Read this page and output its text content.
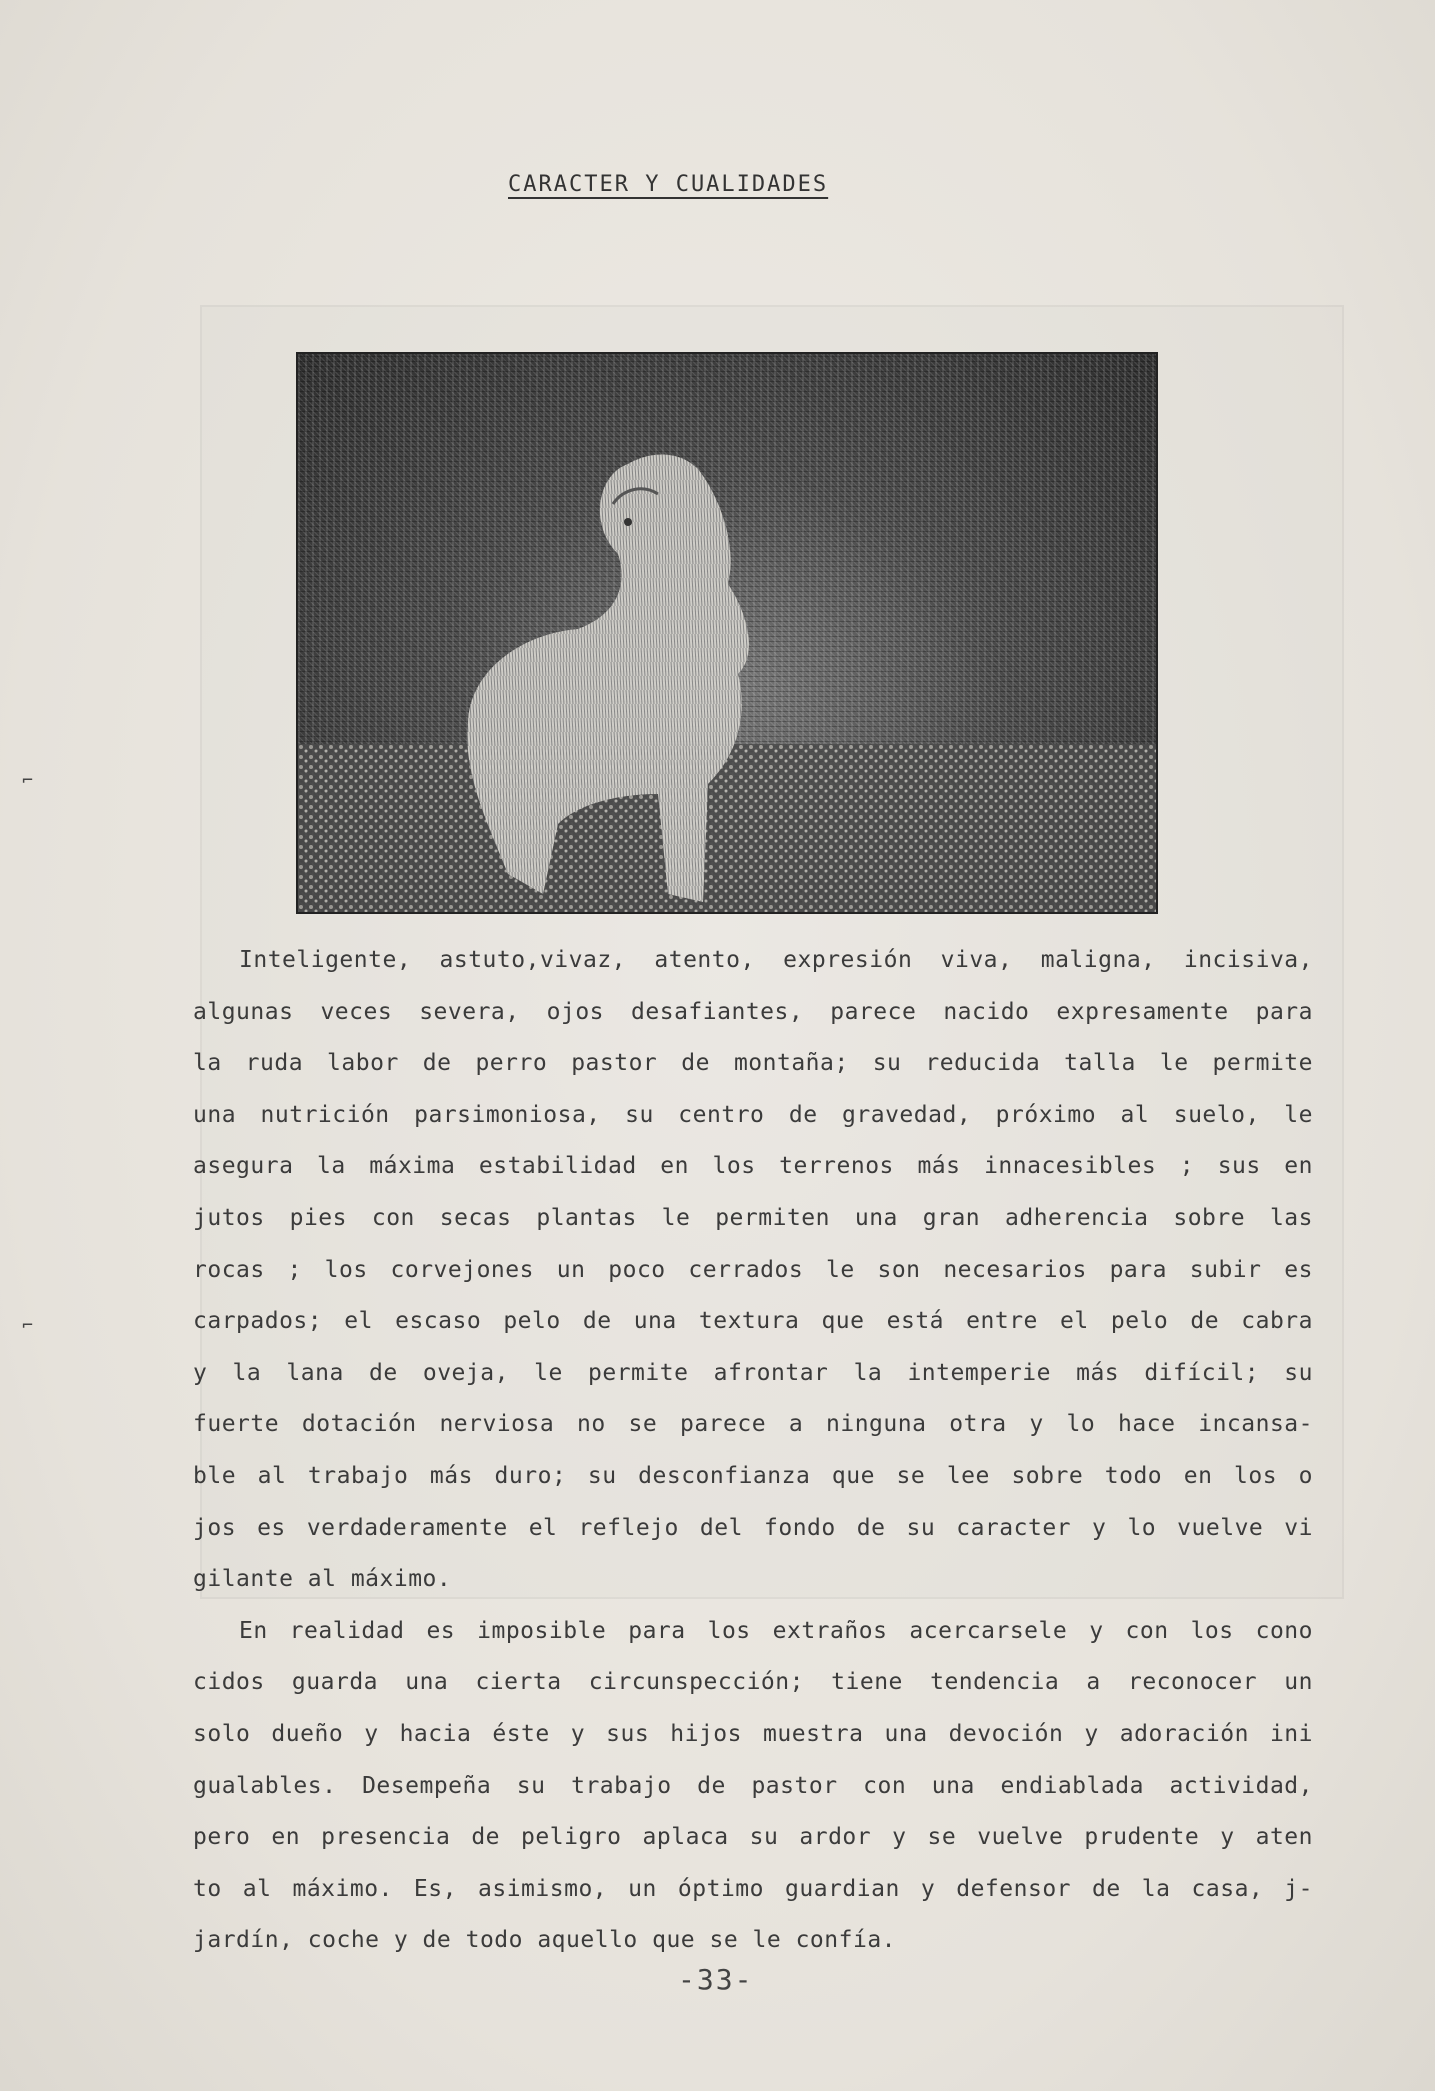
CARACTER Y CUALIDADES
Inteligente, astuto,vivaz, atento, expresión viva, maligna, incisiva,
algunas veces severa, ojos desafiantes, parece nacido expresamente para
la ruda labor de perro pastor de montaña; su reducida talla le permite
una nutrición parsimoniosa, su centro de gravedad, próximo al suelo, le
asegura la máxima estabilidad en los terrenos más innacesibles ; sus en
jutos pies con secas plantas le permiten una gran adherencia sobre las
rocas ; los corvejones un poco cerrados le son necesarios para subir es
carpados; el escaso pelo de una textura que está entre el pelo de cabra
y la lana de oveja, le permite afrontar la intemperie más difícil; su
fuerte dotación nerviosa no se parece a ninguna otra y lo hace incansa-
ble al trabajo más duro; su desconfianza que se lee sobre todo en los o
jos es verdaderamente el reflejo del fondo de su caracter y lo vuelve vi
gilante al máximo.
En realidad es imposible para los extraños acercarsele y con los cono
cidos guarda una cierta circunspección; tiene tendencia a reconocer un
solo dueño y hacia éste y sus hijos muestra una devoción y adoración ini
gualables. Desempeña su trabajo de pastor con una endiablada actividad,
pero en presencia de peligro aplaca su ardor y se vuelve prudente y aten
to al máximo. Es, asimismo, un óptimo guardian y defensor de la casa, j-
jardín, coche y de todo aquello que se le confía.
-33-
⌐
⌐
